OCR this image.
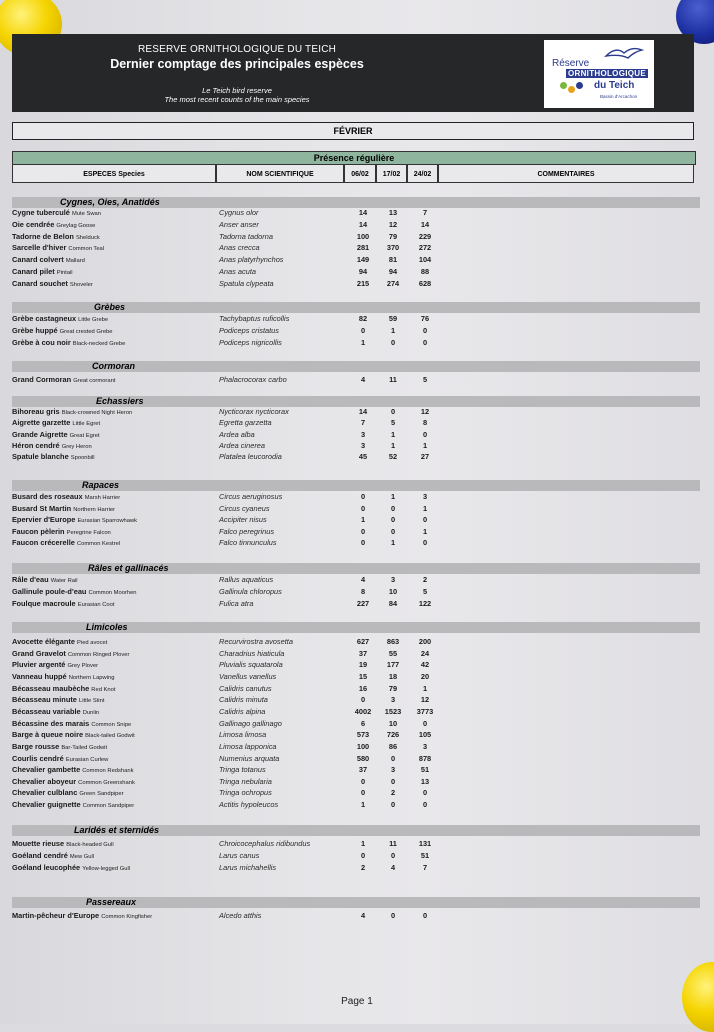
RESERVE ORNITHOLOGIQUE DU TEICH
Dernier comptage des principales espèces
Le Teich bird reserve
The most recent counts of the main species
Réserve
ORNITHOLOGIQUE
du Teich
Bassin d'Arcachon
FÉVRIER
Présence régulière
ESPECES Species	NOM SCIENTIFIQUE	06/02	17/02	24/02	COMMENTAIRES
Cygnes, Oies, Anatidés
Cygne tuberculé Mute Swan	Cygnus olor	14	13	7
Oie cendrée Greylag Goose	Anser anser	14	12	14
Tadorne de Belon Shelduck	Tadorna tadorna	100	79	229
Sarcelle d'hiver Common Teal	Anas crecca	281	370	272
Canard colvert Mallard	Anas platyrhynchos	149	81	104
Canard pilet Pintail	Anas acuta	94	94	88
Canard souchet Shoveler	Spatula clypeata	215	274	628
Grèbes
Grèbe castagneux Little Grebe	Tachybaptus ruficollis	82	59	76
Grèbe huppé Great crested Grebe	Podiceps cristatus	0	1	0
Grèbe à cou noir Black-necked Grebe	Podiceps nigricollis	1	0	0
Cormoran
Grand Cormoran Great cormorant	Phalacrocorax carbo	4	11	5
Echassiers
Bihoreau gris Black-crowned Night Heron	Nycticorax nycticorax	14	0	12
Aigrette garzette Little Egret	Egretta garzetta	7	5	8
Grande Aigrette Great Egret	Ardea alba	3	1	0
Héron cendré Grey Heron	Ardea cinerea	3	1	1
Spatule blanche Spoonbill	Platalea leucorodia	45	52	27
Rapaces
Busard des roseaux Marsh Harrier	Circus aeruginosus	0	1	3
Busard St Martin Northern Harrier	Circus cyaneus	0	0	1
Epervier d'Europe Eurasian Sparrowhawk	Accipiter nisus	1	0	0
Faucon pèlerin Peregrine Falcon	Falco peregrinus	0	0	1
Faucon crécerelle Common Kestrel	Falco tinnunculus	0	1	0
Râles et gallinacés
Râle d'eau Water Rail	Rallus aquaticus	4	3	2
Gallinule poule-d'eau Common Moorhen	Gallinula chloropus	8	10	5
Foulque macroule Eurasian Coot	Fulica atra	227	84	122
Limicoles
Avocette élégante Pied avocet	Recurvirostra avosetta	627	863	200
Grand Gravelot Common Ringed Plover	Charadrius hiaticula	37	55	24
Pluvier argenté Grey Plover	Pluvialis squatarola	19	177	42
Vanneau huppé Northern Lapwing	Vanellus vanellus	15	18	20
Bécasseau maubèche Red Knot	Calidris canutus	16	79	1
Bécasseau minute Little Stint	Calidris minuta	0	3	12
Bécasseau variable Dunlin	Calidris alpina	4002	1523	3773
Bécassine des marais Common Snipe	Gallinago gallinago	6	10	0
Barge à queue noire Black-tailed Godwit	Limosa limosa	573	726	105
Barge rousse Bar-Tailed Godwit	Limosa lapponica	100	86	3
Courlis cendré Eurasian Curlew	Numenius arquata	580	0	878
Chevalier gambette Common Redshank	Tringa totanus	37	3	51
Chevalier aboyeur Common Greenshank	Tringa nebularia	0	0	13
Chevalier culblanc Green Sandpiper	Tringa ochropus	0	2	0
Chevalier guignette Common Sandpiper	Actitis hypoleucos	1	0	0
Laridés et sternidés
Mouette rieuse Black-headed Gull	Chroicocephalus ridibundus	1	11	131
Goéland cendré Mew Gull	Larus canus	0	0	51
Goéland leucophée Yellow-legged Gull	Larus michahellis	2	4	7
Passereaux
Martin-pêcheur d'Europe Common Kingfisher	Alcedo atthis	4	0	0
Page 1
